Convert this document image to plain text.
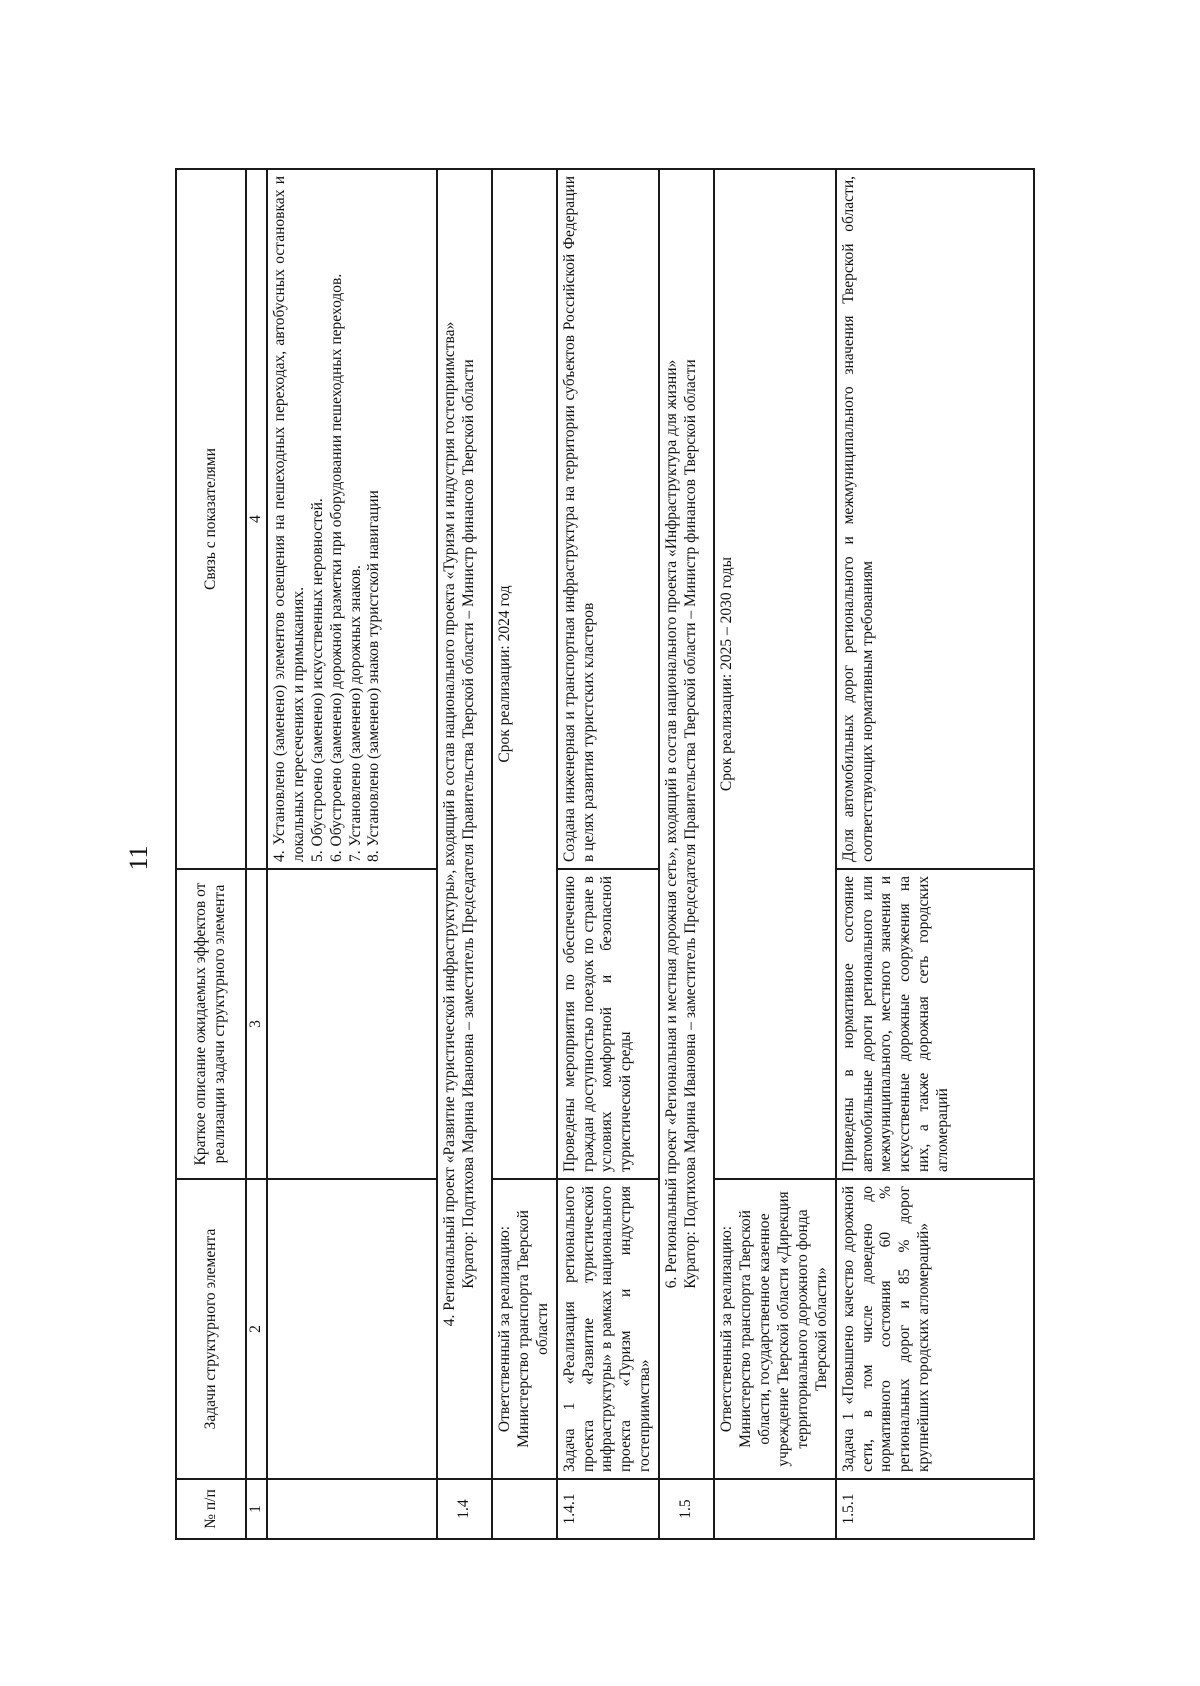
11
№ п/п	Задачи структурного элемента	Краткое описание ожидаемых эффектов от реализации задачи структурного элемента	Связь с показателями
1	2	3	4

			4. Установлено (заменено) элементов освещения на пешеходных переходах, автобусных остановках и локальных пересечениях и примыканиях. 5. Обустроено (заменено) искусственных неровностей. 6. Обустроено (заменено) дорожной разметки при оборудовании пешеходных переходов. 7. Установлено (заменено) дорожных знаков. 8. Установлено (заменено) знаков туристской навигации

1.4	4. Региональный проект «Развитие туристической инфраструктуры», входящий в состав национального проекта «Туризм и индустрия гостеприимства» Куратор: Подтихова Марина Ивановна – заместитель Председателя Правительства Тверской области – Министр финансов Тверской области		

	Ответственный за реализацию: Министерство транспорта Тверской области	Срок реализации: 2024 год	
1.4.1	Задача 1 «Реализация регионального проекта «Развитие туристической инфраструктуры» в рамках национального проекта «Туризм и индустрия гостеприимства»	Проведены мероприятия по обеспечению граждан доступностью поездок по стране в условиях комфортной и безопасной туристической среды	Создана инженерная и транспортная инфраструктура на территории субъектов Российской Федерации в целях развития туристских кластеров
1.5	6. Региональный проект «Региональная и местная дорожная сеть», входящий в состав национального проекта «Инфраструктура для жизни» Куратор: Подтихова Марина Ивановна – заместитель Председателя Правительства Тверской области – Министр финансов Тверской области		

	Ответственный за реализацию: Министерство транспорта Тверской области, государственное казенное учреждение Тверской области «Дирекция территориального дорожного фонда Тверской области»	Срок реализации: 2025 – 2030 годы	
1.5.1	Задача 1 «Повышено качество дорожной сети, в том числе доведено до нормативного состояния 60 % региональных дорог и 85 % дорог крупнейших городских агломераций»	Приведены в нормативное состояние автомобильные дороги регионального или межмуниципального, местного значения и искусственные дорожные сооружения на них, а также дорожная сеть городских агломераций	Доля автомобильных дорог регионального и межмуниципального значения Тверской области, соответствующих нормативным требованиям
